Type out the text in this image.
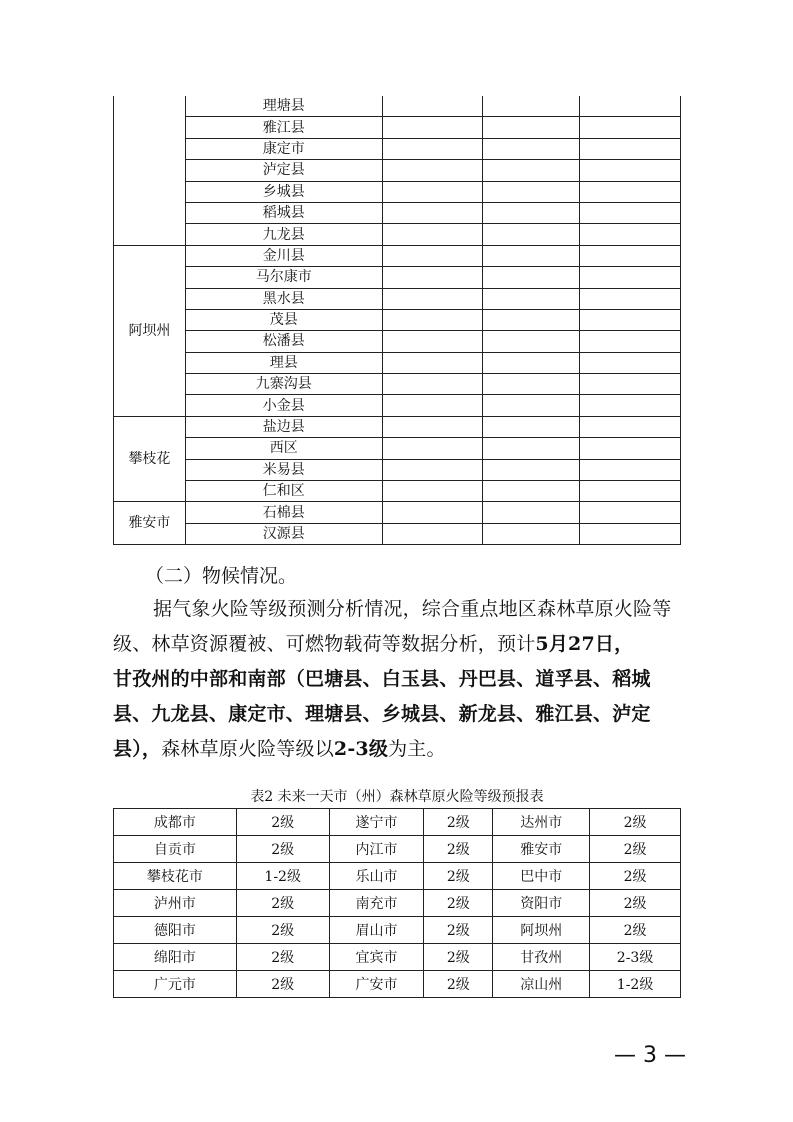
	理塘县			
	雅江县			
	康定市			
	泸定县			
	乡城县			
	稻城县			
	九龙县			
阿坝州	金川县			
	马尔康市			
	黑水县			
	茂县			
	松潘县			
	理县			
	九寨沟县			
	小金县			
攀枝花	盐边县			
	西区			
	米易县			
	仁和区			
雅安市	石棉县			
	汉源县			

（二）物候情况。

据气象火险等级预测分析情况，综合重点地区森林草原火险等级、林草资源覆被、可燃物载荷等数据分析，预计5月27日，
甘孜州的中部和南部（巴塘县、白玉县、丹巴县、道孚县、稻城县、九龙县、康定市、理塘县、乡城县、新龙县、雅江县、泸定县），森林草原火险等级以2-3级为主。

表2 未来一天市（州）森林草原火险等级预报表
成都市	2级	遂宁市	2级	达州市	2级
自贡市	2级	内江市	2级	雅安市	2级
攀枝花市	1-2级	乐山市	2级	巴中市	2级
泸州市	2级	南充市	2级	资阳市	2级
德阳市	2级	眉山市	2级	阿坝州	2级
绵阳市	2级	宜宾市	2级	甘孜州	2-3级
广元市	2级	广安市	2级	凉山州	1-2级
— 3 —
